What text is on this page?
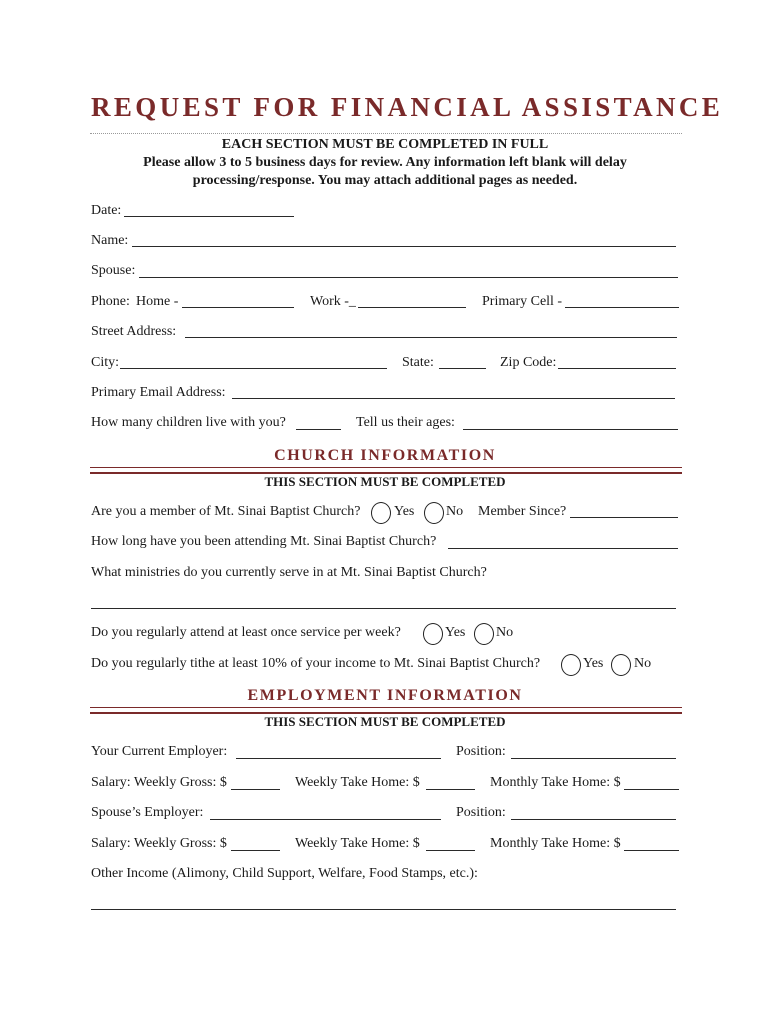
REQUEST FOR FINANCIAL ASSISTANCE
EACH SECTION MUST BE COMPLETED IN FULL
Please allow 3 to 5 business days for review. Any information left blank will delay
processing/response. You may attach additional pages as needed.
Date:
Name:
Spouse:
Phone: Home -	Work -_	Primary Cell -
Street Address:
City:	State:	Zip Code:
Primary Email Address:
How many children live with you?	Tell us their ages:
CHURCH INFORMATION
THIS SECTION MUST BE COMPLETED
Are you a member of Mt. Sinai Baptist Church? Yes No Member Since?
How long have you been attending Mt. Sinai Baptist Church?
What ministries do you currently serve in at Mt. Sinai Baptist Church?
Do you regularly attend at least once service per week?	Yes No
Do you regularly tithe at least 10% of your income to Mt. Sinai Baptist Church?	Yes No
EMPLOYMENT INFORMATION
THIS SECTION MUST BE COMPLETED
Your Current Employer:	Position:
Salary: Weekly Gross: $	Weekly Take Home: $	Monthly Take Home: $
Spouse’s Employer:	Position:
Salary: Weekly Gross: $	Weekly Take Home: $	Monthly Take Home: $
Other Income (Alimony, Child Support, Welfare, Food Stamps, etc.):
